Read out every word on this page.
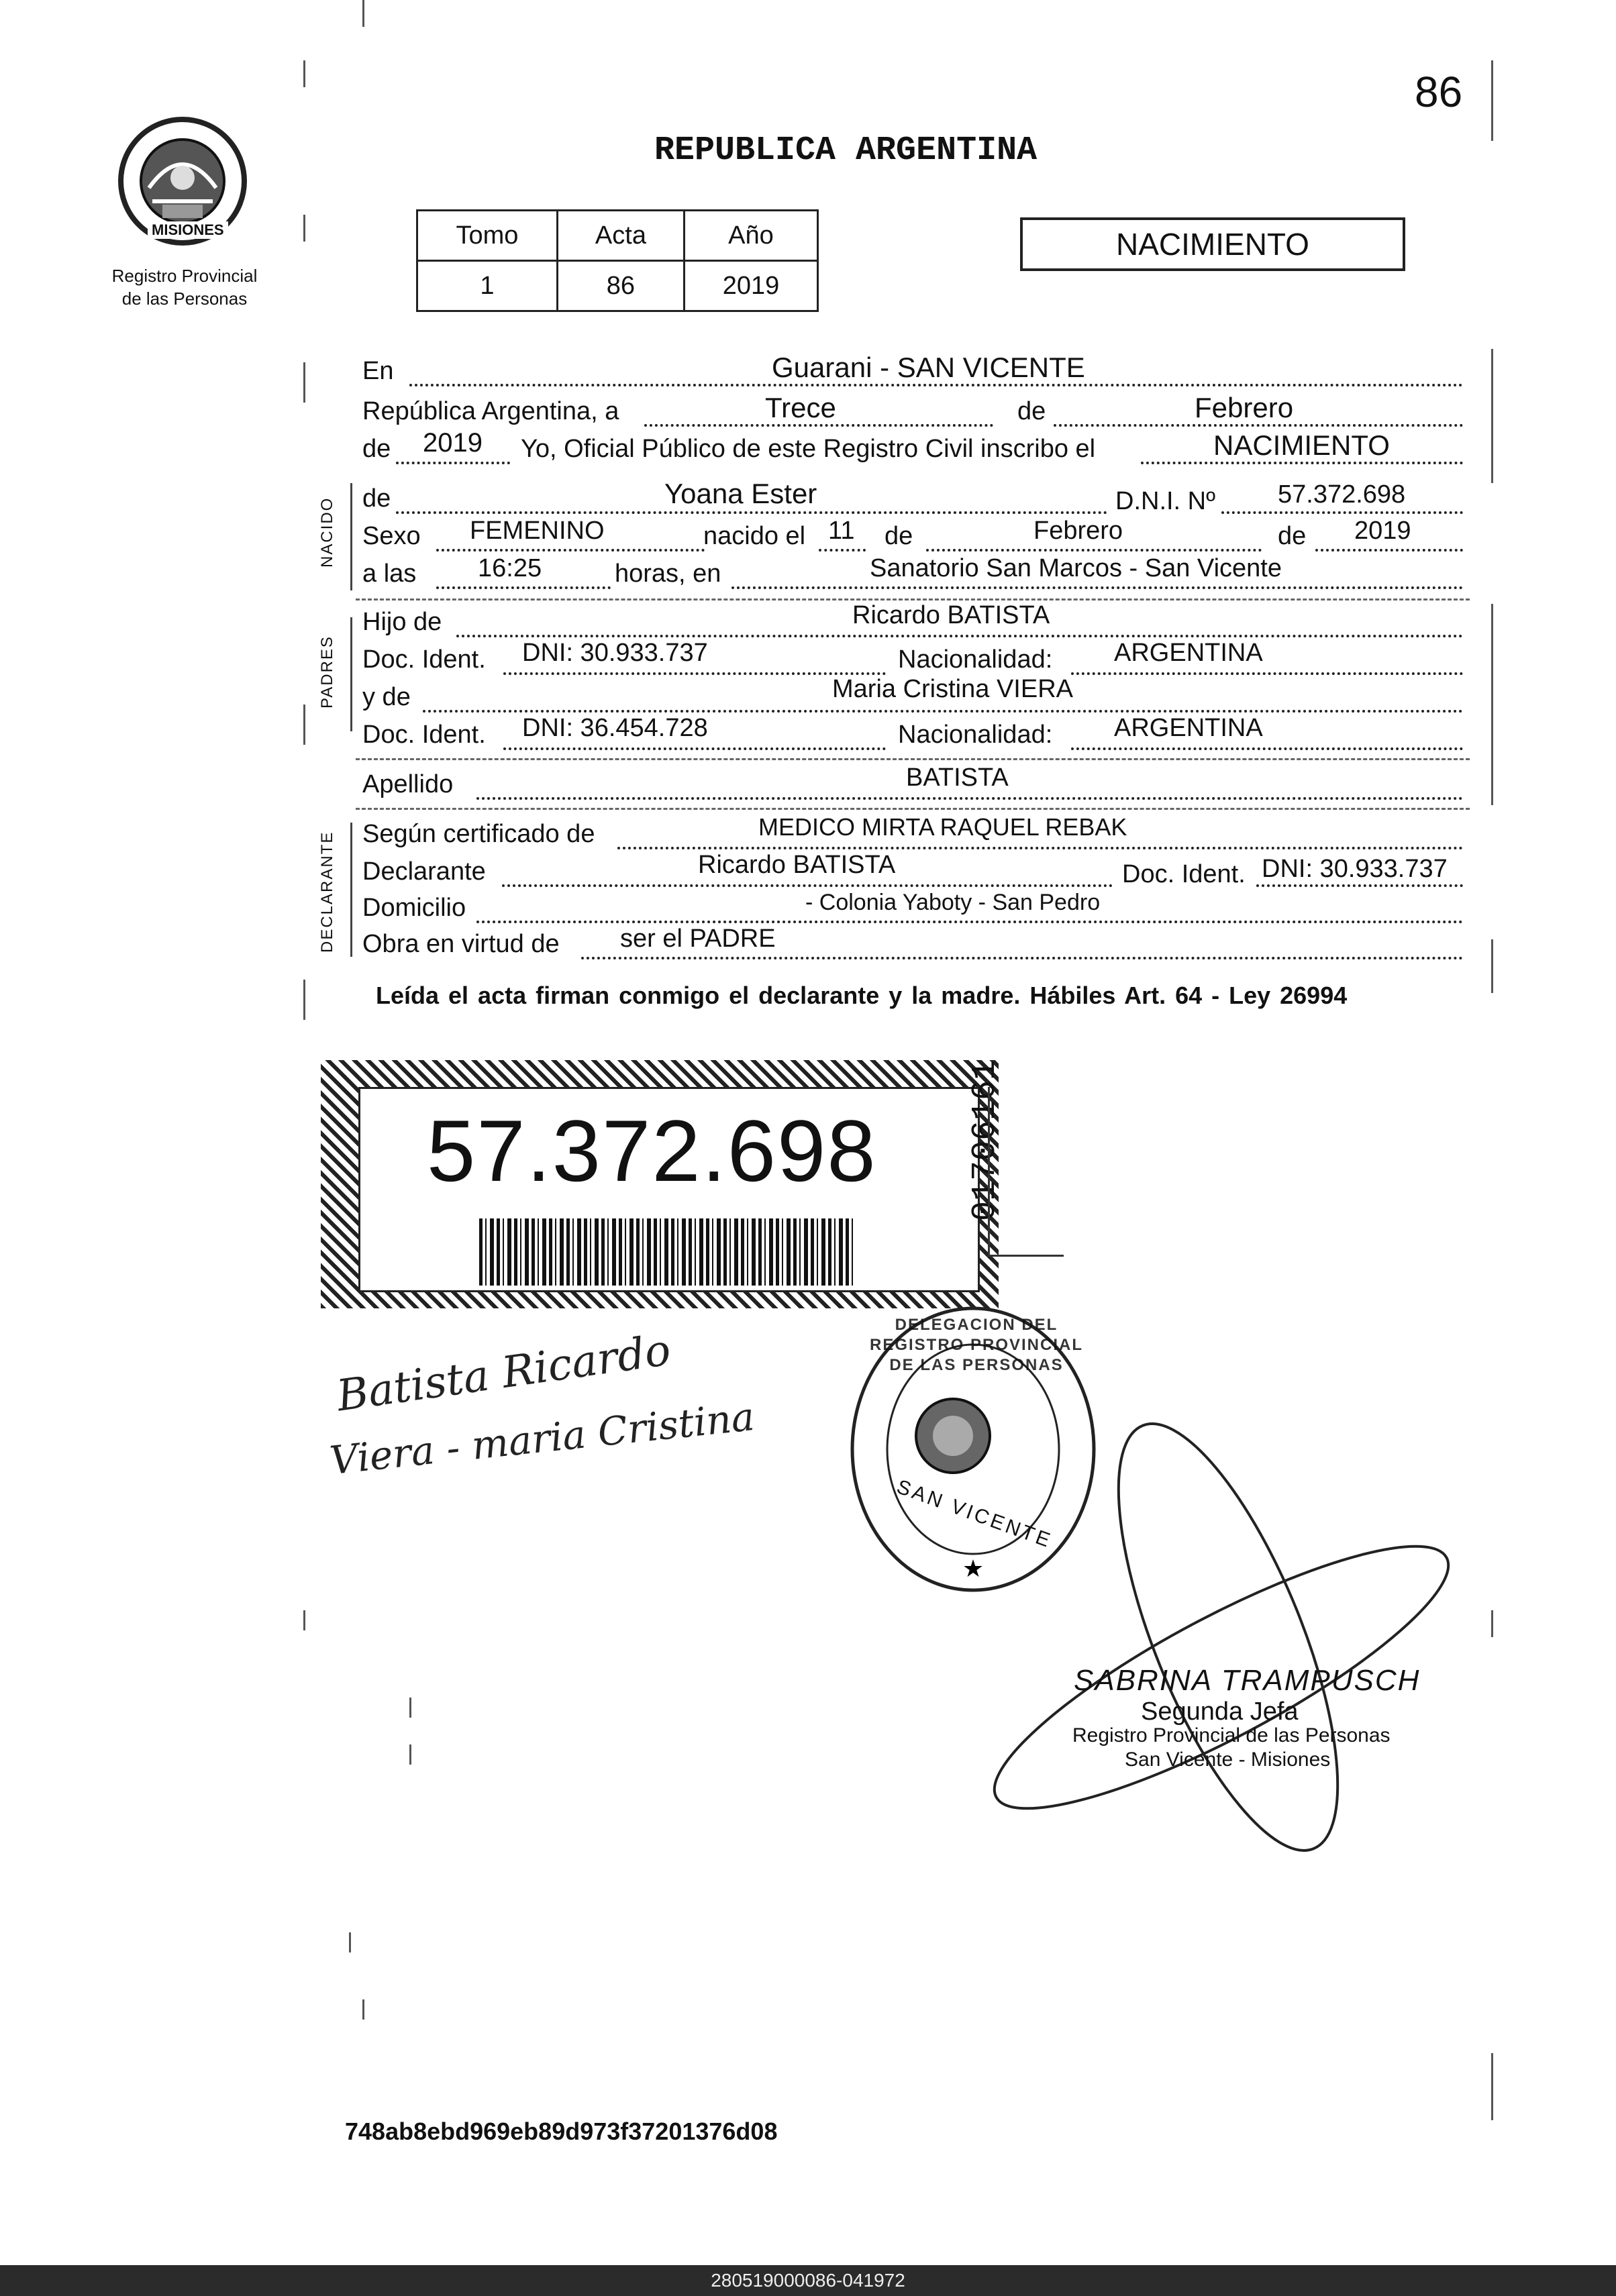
86
MISIONES
Registro Provincial
de las Personas
REPUBLICA ARGENTINA
Tomo	Acta	Año
1	86	2019
NACIMIENTO
En	Guarani - SAN VICENTE
República Argentina, a	Trece	de	Febrero
de 2019 Yo, Oficial Público de este Registro Civil inscribo el	NACIMIENTO
NACIDO de	Yoana Ester	D.N.I. Nº 57.372.698
Sexo FEMENINO	nacido el 11 de	Febrero	de 2019
a las 16:25	horas, en	Sanatorio San Marcos - San Vicente
PADRES
Hijo de	Ricardo BATISTA
Doc. Ident. DNI: 30.933.737	Nacionalidad: ARGENTINA
y de	Maria Cristina VIERA
Doc. Ident. DNI: 36.454.728	Nacionalidad: ARGENTINA
Apellido	BATISTA
DECLARANTE Según certificado de	MEDICO MIRTA RAQUEL REBAK
Declarante	Ricardo BATISTA	Doc. Ident. DNI: 30.933.737
Domicilio	- Colonia Yaboty - San Pedro
Obra en virtud de ser el PADRE
Leída el acta firman conmigo el declarante y la madre. Hábiles Art. 64 - Ley 26994
57.372.698	01706161
Batista Ricardo
Viera - maria Cristina
★
DELEGACION DEL REGISTRO PROVINCIAL DE LAS PERSONAS
SAN VICENTE
SABRINA TRAMPUSCH
Segunda Jefa
Registro Provincial de las Personas
San Vicente - Misiones
748ab8ebd969eb89d973f37201376d08
280519000086-041972
